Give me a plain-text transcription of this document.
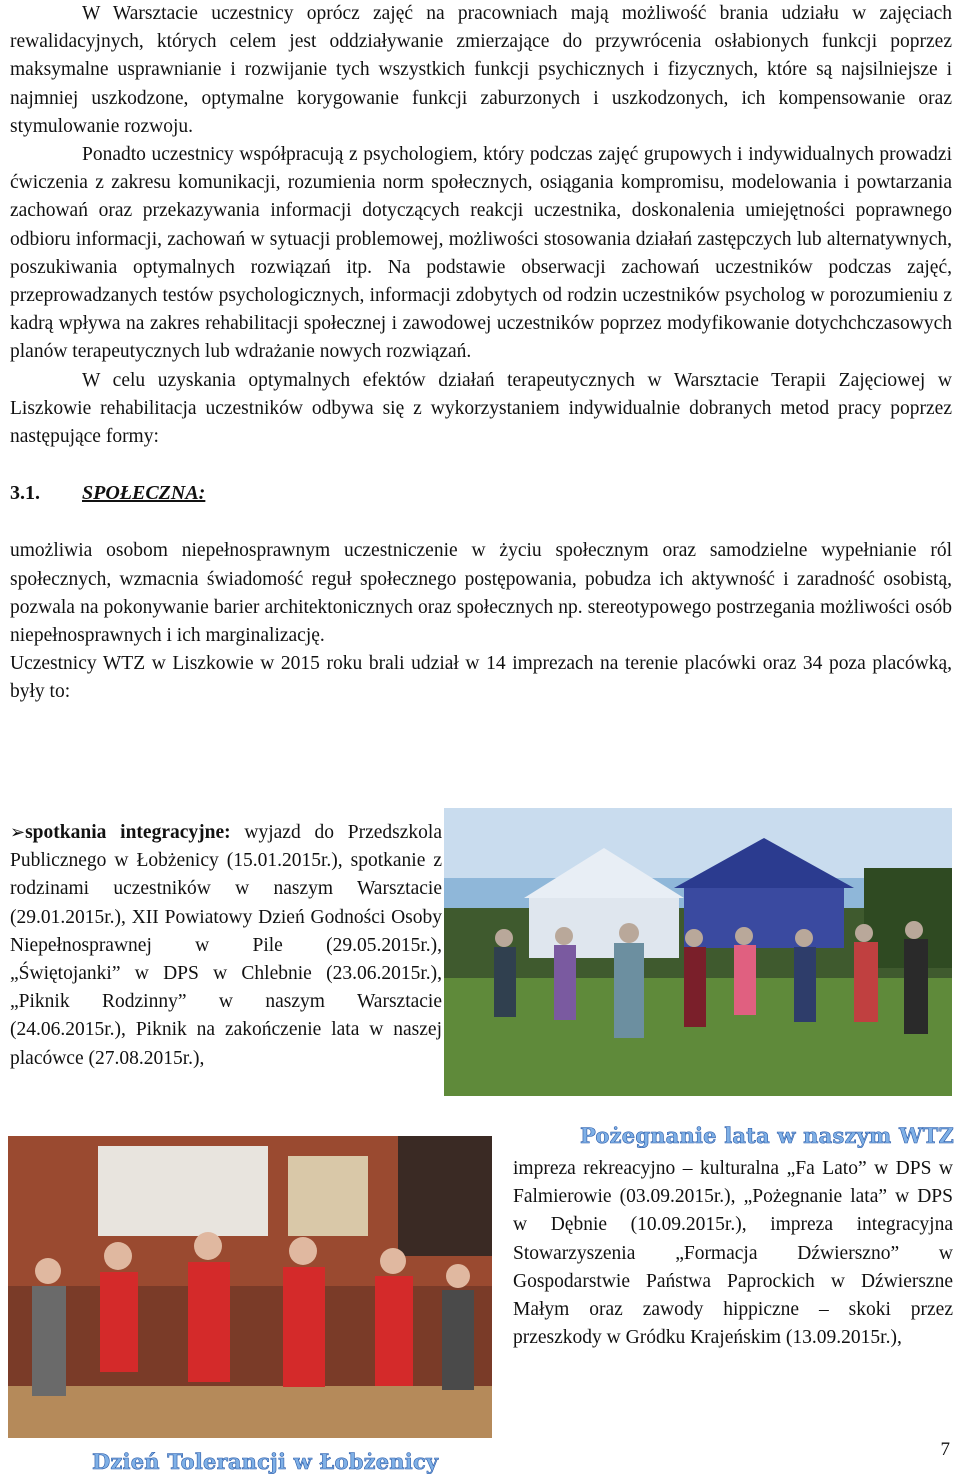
W Warsztacie uczestnicy oprócz zajęć na pracowniach mają możliwość brania udziału w zajęciach rewalidacyjnych, których celem jest oddziaływanie zmierzające do przywrócenia osłabionych funkcji poprzez maksymalne usprawnianie i rozwijanie tych wszystkich funkcji psychicznych i fizycznych, które są najsilniejsze i najmniej uszkodzone, optymalne korygowanie funkcji zaburzonych i uszkodzonych, ich kompensowanie oraz stymulowanie rozwoju.

Ponadto uczestnicy współpracują z psychologiem, który podczas zajęć grupowych i indywidualnych prowadzi ćwiczenia z zakresu komunikacji, rozumienia norm społecznych, osiągania kompromisu, modelowania i powtarzania zachowań oraz przekazywania informacji dotyczących reakcji uczestnika, doskonalenia umiejętności poprawnego odbioru informacji, zachowań w sytuacji problemowej, możliwości stosowania działań zastępczych lub alternatywnych, poszukiwania optymalnych rozwiązań itp. Na podstawie obserwacji zachowań uczestników podczas zajęć, przeprowadzanych testów psychologicznych, informacji zdobytych od rodzin uczestników psycholog w porozumieniu z kadrą wpływa na zakres rehabilitacji społecznej i zawodowej uczestników poprzez modyfikowanie dotychchczasowych planów terapeutycznych lub wdrażanie nowych rozwiązań.

W celu uzyskania optymalnych efektów działań terapeutycznych w Warsztacie Terapii Zajęciowej w Liszkowie rehabilitacja uczestników odbywa się z wykorzystaniem indywidualnie dobranych metod pracy poprzez następujące formy:

3.1. SPOŁECZNA:

umożliwia osobom niepełnosprawnym uczestniczenie w życiu społecznym oraz samodzielne wypełnianie ról społecznych, wzmacnia świadomość reguł społecznego postępowania, pobudza ich aktywność i zaradność osobistą, pozwala na pokonywanie barier architektonicznych oraz społecznych np. stereotypowego postrzegania możliwości osób niepełnosprawnych i ich marginalizację.

Uczestnicy WTZ w Liszkowie w 2015 roku brali udział w 14 imprezach na terenie placówki oraz 34 poza placówką, były to:

➢spotkania integracyjne: wyjazd do Przedszkola Publicznego w Łobżenicy (15.01.2015r.), spotkanie z rodzinami uczestników w naszym Warsztacie (29.01.2015r.), XII Powiatowy Dzień Godności Osoby Niepełnosprawnej w Pile (29.05.2015r.), „Świętojanki” w DPS w Chlebnie (23.06.2015r.), „Piknik Rodzinny” w naszym Warsztacie (24.06.2015r.), Piknik na zakończenie lata w naszej placówce (27.08.2015r.),

Pożegnanie lata w naszym WTZ

impreza rekreacyjno – kulturalna „Fa Lato” w DPS w Falmierowie (03.09.2015r.), „Pożegnanie lata” w DPS w Dębnie (10.09.2015r.), impreza integracyjna Stowarzyszenia „Formacja Dźwierszno” w Gospodarstwie Państwa Paprockich w Dźwierszne Małym oraz zawody hippiczne – skoki przez przeszkody w Gródku Krajeńskim (13.09.2015r.),

Dzień Tolerancji w Łobżenicy	7
